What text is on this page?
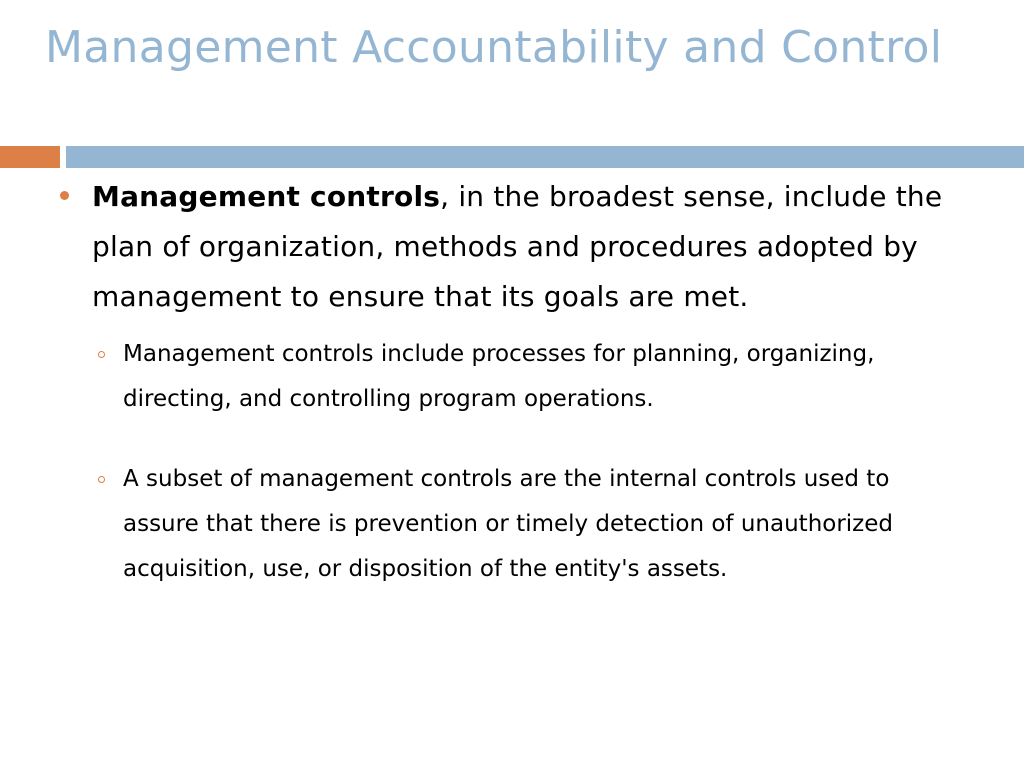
Management Accountability and Control
Management controls, in the broadest sense, include the plan of organization, methods and procedures adopted by management to ensure that its goals are met.
Management controls include processes for planning, organizing, directing, and controlling program operations.
A subset of management controls are the internal controls used to assure that there is prevention or timely detection of unauthorized acquisition, use, or disposition of the entity's assets.
